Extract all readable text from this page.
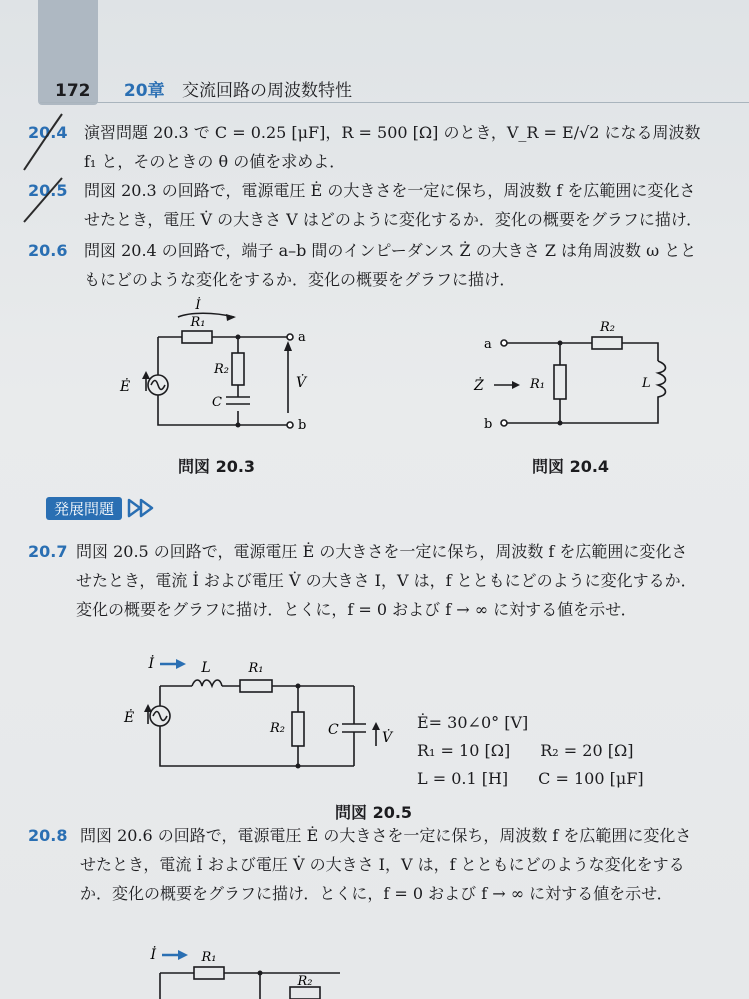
172 20章 交流回路の周波数特性
20.4 演習問題 20.3 で C = 0.25 [μF]，R = 500 [Ω] のとき，V_R = E/√2 になる周波数
f₁ と，そのときの θ の値を求めよ．
20.5 問図 20.3 の回路で，電源電圧 Ė の大きさを一定に保ち，周波数 f を広範囲に変化さ
せたとき，電圧 V̇ の大きさ V はどのように変化するか．変化の概要をグラフに描け．
20.6 問図 20.4 の回路で，端子 a–b 間のインピーダンス Ż の大きさ Z は角周波数 ω とと
もにどのような変化をするか．変化の概要をグラフに描け．
İ
R₁
R₂
C
Ė	V̇
a
b
問図 20.3
a
b
Ż	R₁
R₂
L
問図 20.4
発展問題
20.7 問図 20.5 の回路で，電源電圧 Ė の大きさを一定に保ち，周波数 f を広範囲に変化さ
せたとき，電流 İ および電圧 V̇ の大きさ I，V は，f とともにどのように変化するか．
変化の概要をグラフに描け．とくに，f = 0 および f → ∞ に対する値を示せ．
İ	L	R₁
R₂	C
Ė
V̇
Ė= 30∠0° [V]
R₁ = 10 [Ω] R₂ = 20 [Ω]
L = 0.1 [H] C = 100 [μF]
問図 20.5
20.8 問図 20.6 の回路で，電源電圧 Ė の大きさを一定に保ち，周波数 f を広範囲に変化さ
せたとき，電流 İ および電圧 V̇ の大きさ I，V は，f とともにどのような変化をする
か．変化の概要をグラフに描け．とくに，f = 0 および f → ∞ に対する値を示せ．
İ	R₁
R₂
